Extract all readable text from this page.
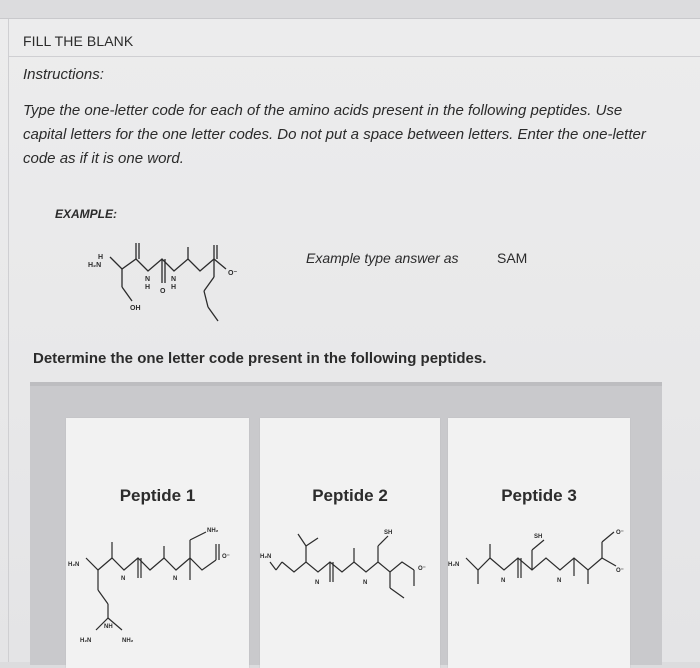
FILL THE BLANK
Instructions:
Type the one-letter code for each of the amino acids present in the following peptides. Use capital letters for the one letter codes. Do not put a space between letters. Enter the one-letter code as if it is one word.
EXAMPLE:
H₂N
H
OH
N
H
N
H
O
O⁻
Example type answer as	SAM
Determine the one letter code present in the following peptides.
Peptide 1
H₂N
NH₂
NH
H₂N	NH₂
O⁻
N	N
Peptide 2
H₂N
SH
O⁻
N	N
Peptide 3
H₂N
SH
O⁻
O⁻
N	N
